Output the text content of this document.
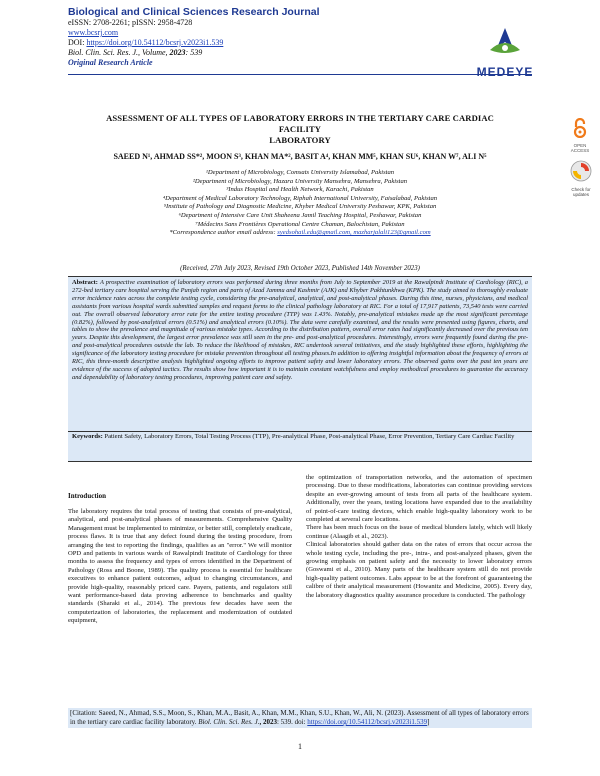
Biological and Clinical Sciences Research Journal
eISSN: 2708-2261; pISSN: 2958-4728
www.bcsrj.com
DOI: https://doi.org/10.54112/bcsrj.v2023i1.539
Biol. Clin. Sci. Res. J., Volume, 2023: 539
Original Research Article
MEDEYE
OPEN
ACCESS
Check for
updates
ASSESSMENT OF ALL TYPES OF LABORATORY ERRORS IN THE TERTIARY CARE CARDIAC FACILITY
LABORATORY
SAEED N¹, AHMAD SS*², MOON S³, KHAN MA*², BASIT A⁴, KHAN MM⁵, KHAN SU⁶, KHAN W⁷, ALI N⁵
¹Department of Microbiology, Comsats University Islamabad, Pakistan
²Department of Microbiology, Hazara University Mansehra, Mansehra, Pakistan
³Indus Hospital and Health Network, Karachi, Pakistan
⁴Department of Medical Laboratory Technology, Riphah International University, Faisalabad, Pakistan
⁵Institute of Pathology and Diagnostic Medicine, Khyber Medical University Peshawar, KPK, Pakistan
⁶Department of Intensive Care Unit Shaheena Jamil Teaching Hospital, Peshawar, Pakistan
⁷Médecins Sans Frontières Operational Centre Chaman, Balochistan, Pakistan
*Correspondence author email address: syedsohail.edu@gmail.com, mazharjalali123@gmail.com
(Received, 27th July 2023, Revised 19th October 2023, Published 14th November 2023)
Abstract: A prospective examination of laboratory errors was performed during three months from July to September 2019 at the Rawalpindi Institute of Cardiology (RIC), a 272-bed tertiary care hospital serving the Punjab region and parts of Azad Jammu and Kashmir (AJK) and Khyber Pakhtunkhwa (KPK). The study aimed to thoroughly evaluate error incidence rates across the complete testing cycle, considering the pre-analytical, analytical, and post-analytical phases. During this time, nurses, physicians, and medical assistants from various hospital wards submitted samples and request forms to the clinical pathology laboratory at RIC. For a total of 17,917 patients, 73,540 tests were carried out. The overall observed laboratory error rate for the entire testing procedure (TTP) was 1.43%. Notably, pre-analytical mistakes made up the most significant percentage (0.82%), followed by post-analytical errors (0.51%) and analytical errors (0.10%). The data were carefully examined, and the results were presented using figures, charts, and tables to show the prevalence and magnitude of various mistake types. According to the distribution pattern, overall error rates had significantly decreased over the previous ten years. Despite this development, the largest error prevalence was still seen in the pre- and post-analytical procedures. Interestingly, errors were frequently found during the pre- and post-analytical procedures outside the lab. To reduce the likelihood of mistakes, RIC undertook several initiatives, and the study highlighted these efforts, highlighting the significance of the laboratory testing procedure for mistake prevention throughout all testing phases.In addition to offering insightful information about the frequency of errors at RIC, this three-month descriptive analysis highlighted ongoing efforts to improve patient safety and lower laboratory errors. The observed gains over the past ten years are evidence of the success of adopted tactics. The results show how important it is to maintain constant watchfulness and employ methodical procedures to guarantee the accuracy and dependability of laboratory testing procedures, improving patient care and safety.
Keywords: Patient Safety, Laboratory Errors, Total Testing Process (TTP), Pre-analytical Phase, Post-analytical Phase, Error Prevention, Tertiary Care Cardiac Facility
Introduction
The laboratory requires the total process of testing that consists of pre-analytical, analytical, and post-analytical phases of measurements. Comprehensive Quality Management must be implemented to minimize, or better still, completely eradicate, process flaws. It is true that any defect found during the testing procedure, from arranging the test to reporting the findings, qualifies as an "error." We will monitor OPD and patients in various wards of Rawalpindi Institute of Cardiology for three months to assess the frequency and types of errors identified in the Department of Pathology (Ross and Boone, 1989). The quality process is essential for healthcare executives to enhance patient outcomes, adjust to changing circumstances, and provide high-quality, reasonably priced care. Payers, patients, and regulators still want performance-based data proving adherence to benchmarks and quality standards (Sharaki et al., 2014). The previous few decades have seen the computerization of laboratories, the replacement and modernization of outdated equipment,
the optimization of transportation networks, and the automation of specimen processing. Due to these modifications, laboratories can continue providing services despite an ever-growing amount of tests from all parts of the healthcare system. Additionally, over the years, testing locations have expanded due to the availability of point-of-care testing devices, which enable high-quality laboratory work to be completed at several care locations.
There has been much focus on the issue of medical blunders lately, which will likely continue (Alaagib et al., 2023).
Clinical laboratories should gather data on the rates of errors that occur across the whole testing cycle, including the pre-, intra-, and post-analyzed phases, given the growing emphasis on patient safety and the necessity to lower laboratory errors (Goswami et al., 2010). Many parts of the healthcare system still do not provide high-quality patient outcomes. Labs appear to be at the forefront of guaranteeing the calibre of their analytical measurement (Howanitz and Medicine, 2005). Every day, the laboratory diagnostics quality assurance procedure is conducted. The pathology
[Citation: Saeed, N., Ahmad, S.S., Moon, S., Khan, M.A., Basit, A., Khan, M.M., Khan, S.U., Khan, W., Ali, N. (2023). Assessment of all types of laboratory errors in the tertiary care cardiac facility laboratory. Biol. Clin. Sci. Res. J., 2023: 539. doi: https://doi.org/10.54112/bcsrj.v2023i1.539]
1
